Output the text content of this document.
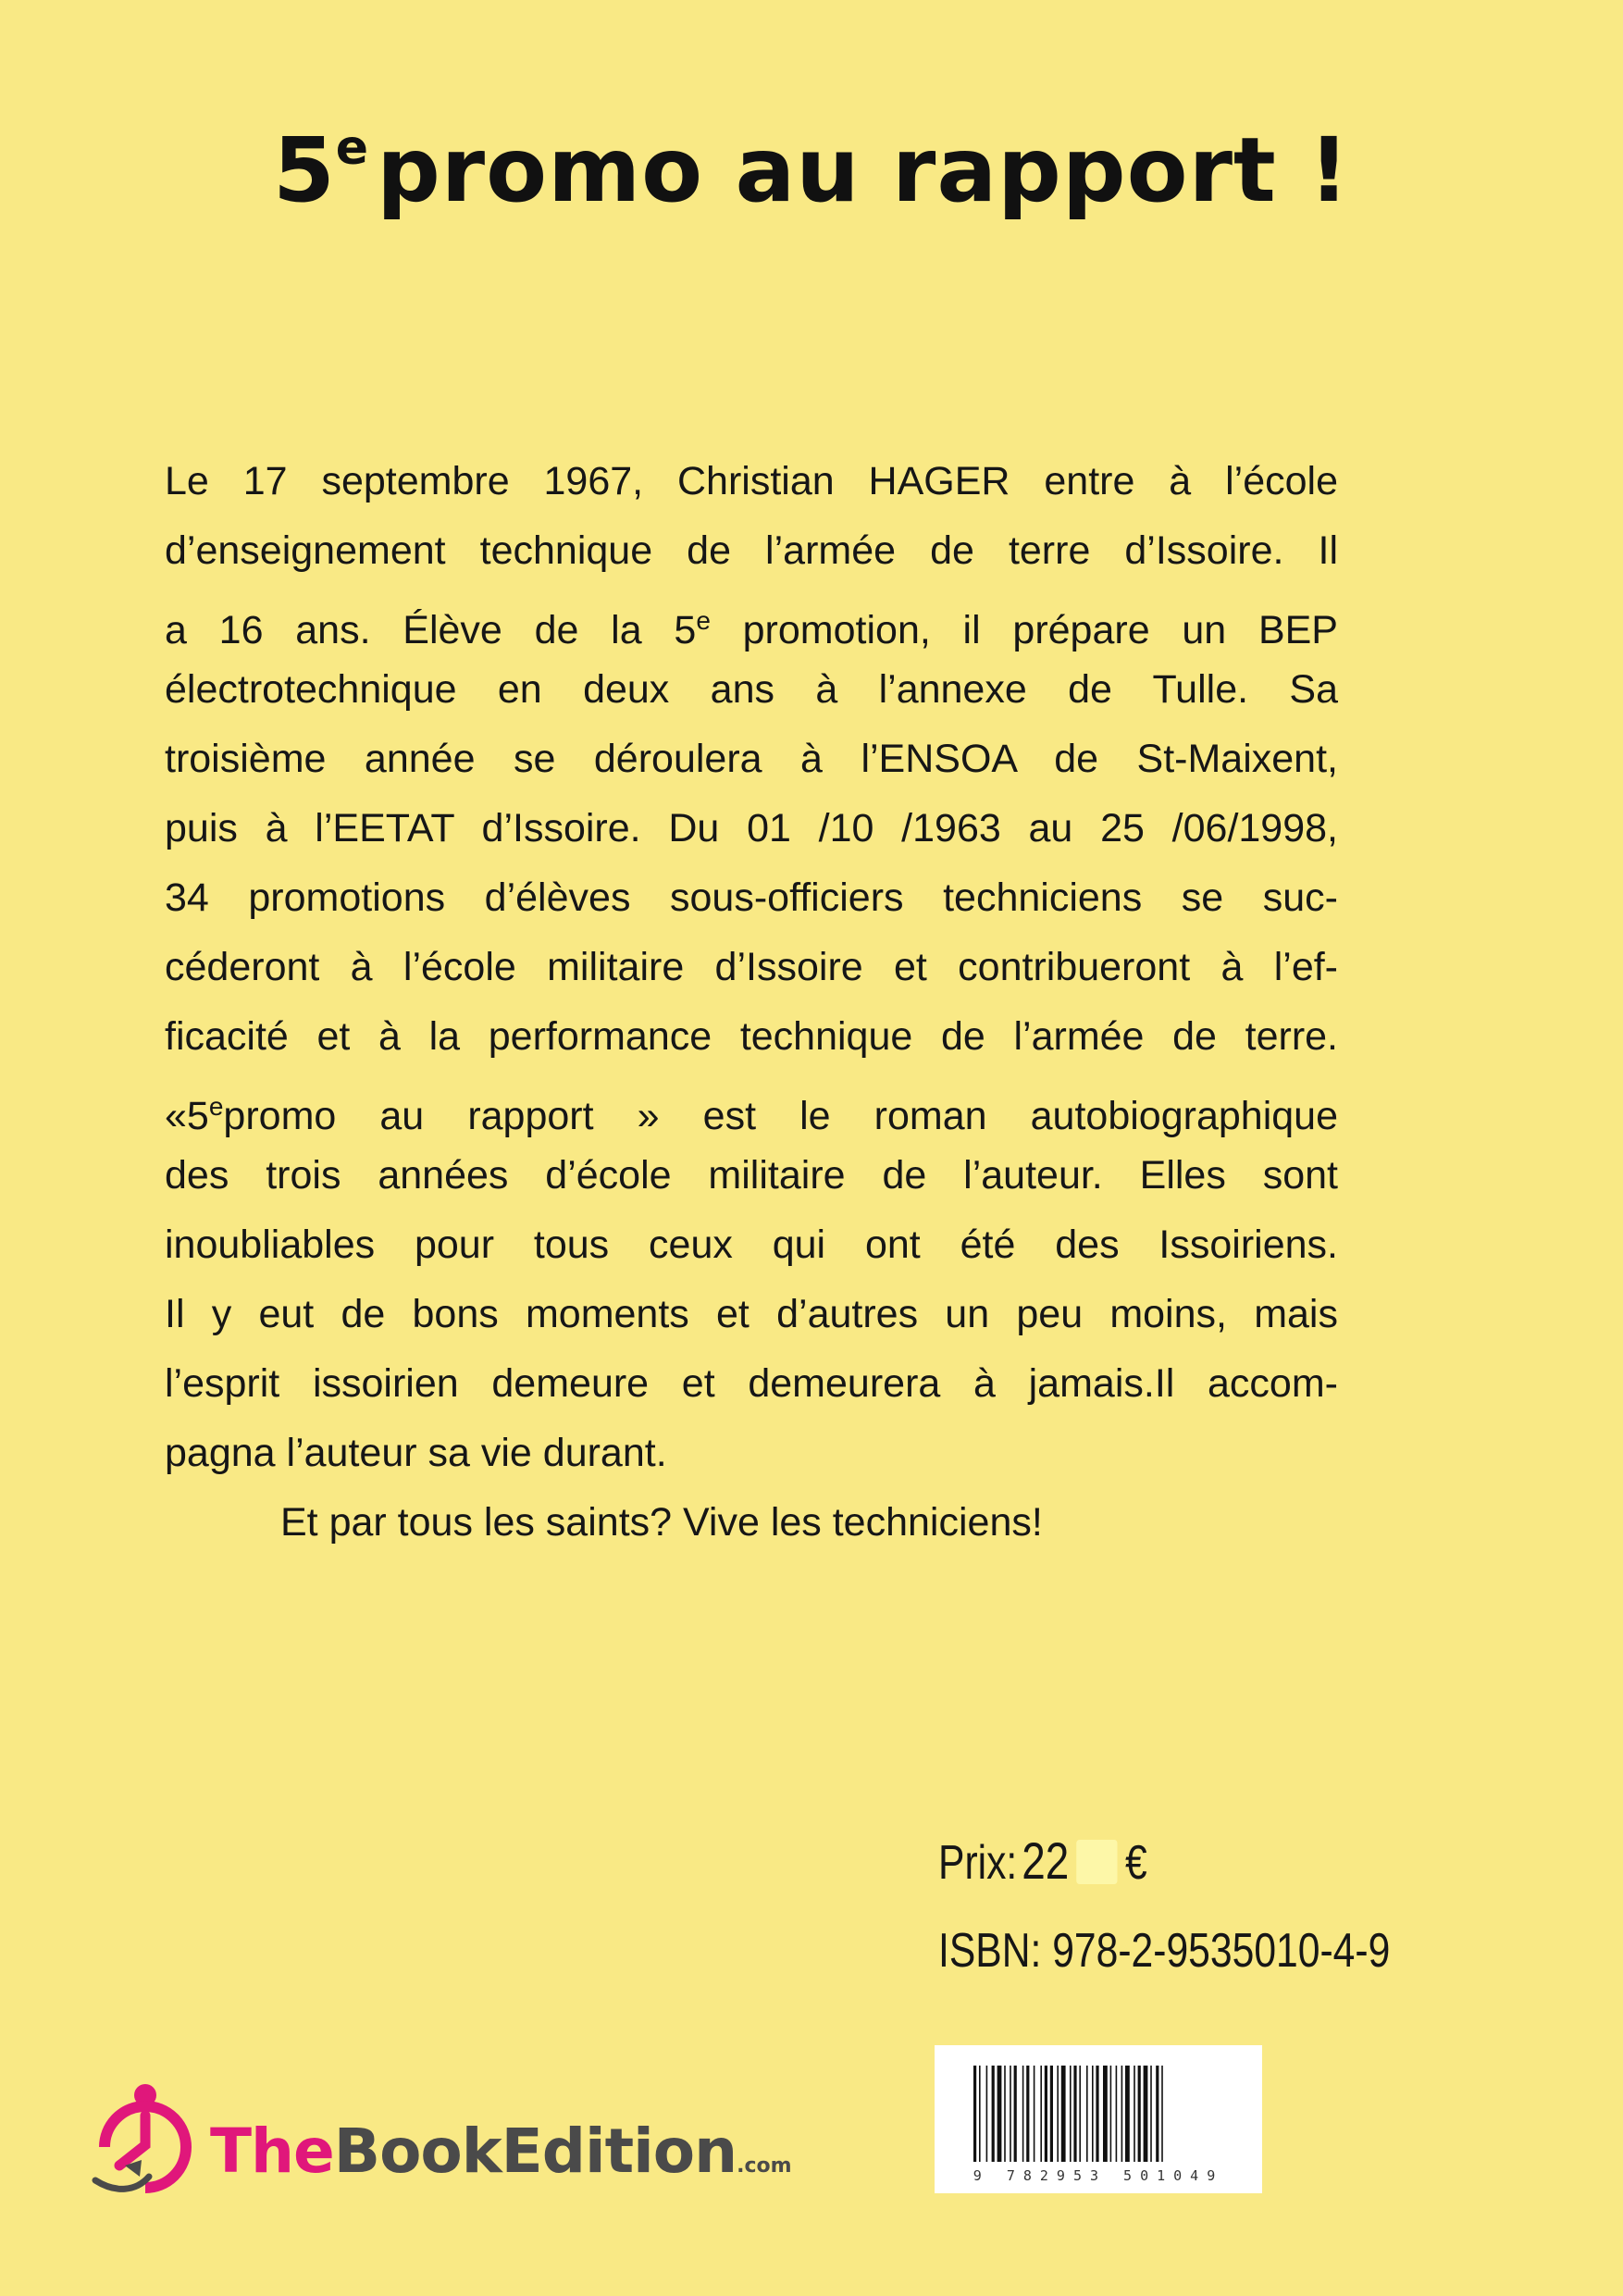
5epromo au rapport !
Le 17 septembre 1967, Christian HAGER entre à l’école
d’enseignement technique de l’armée de terre d’Issoire. Il
a 16 ans. Élève de la 5e promotion, il prépare un BEP
électrotechnique en deux ans à l’annexe de Tulle. Sa
troisième année se déroulera à l’ENSOA de St-Maixent,
puis à l’EETAT d’Issoire. Du 01 /10 /1963 au 25 /06/1998,
34 promotions d’élèves sous-officiers techniciens se suc-
céderont à l’école militaire d’Issoire et contribueront à l’ef-
ficacité et à la performance technique de l’armée de terre.
«5epromo au rapport » est le roman autobiographique
des trois années d’école militaire de l’auteur. Elles sont
inoubliables pour tous ceux qui ont été des Issoiriens.
Il y eut de bons moments et d’autres un peu moins, mais
l’esprit issoirien demeure et demeurera à jamais.Il accom-
pagna l’auteur sa vie durant.
Et par tous les saints? Vive les techniciens!
Prix:22 €
ISBN: 978-2-9535010-4-9
9 782953 501049
TheBookEdition.com
